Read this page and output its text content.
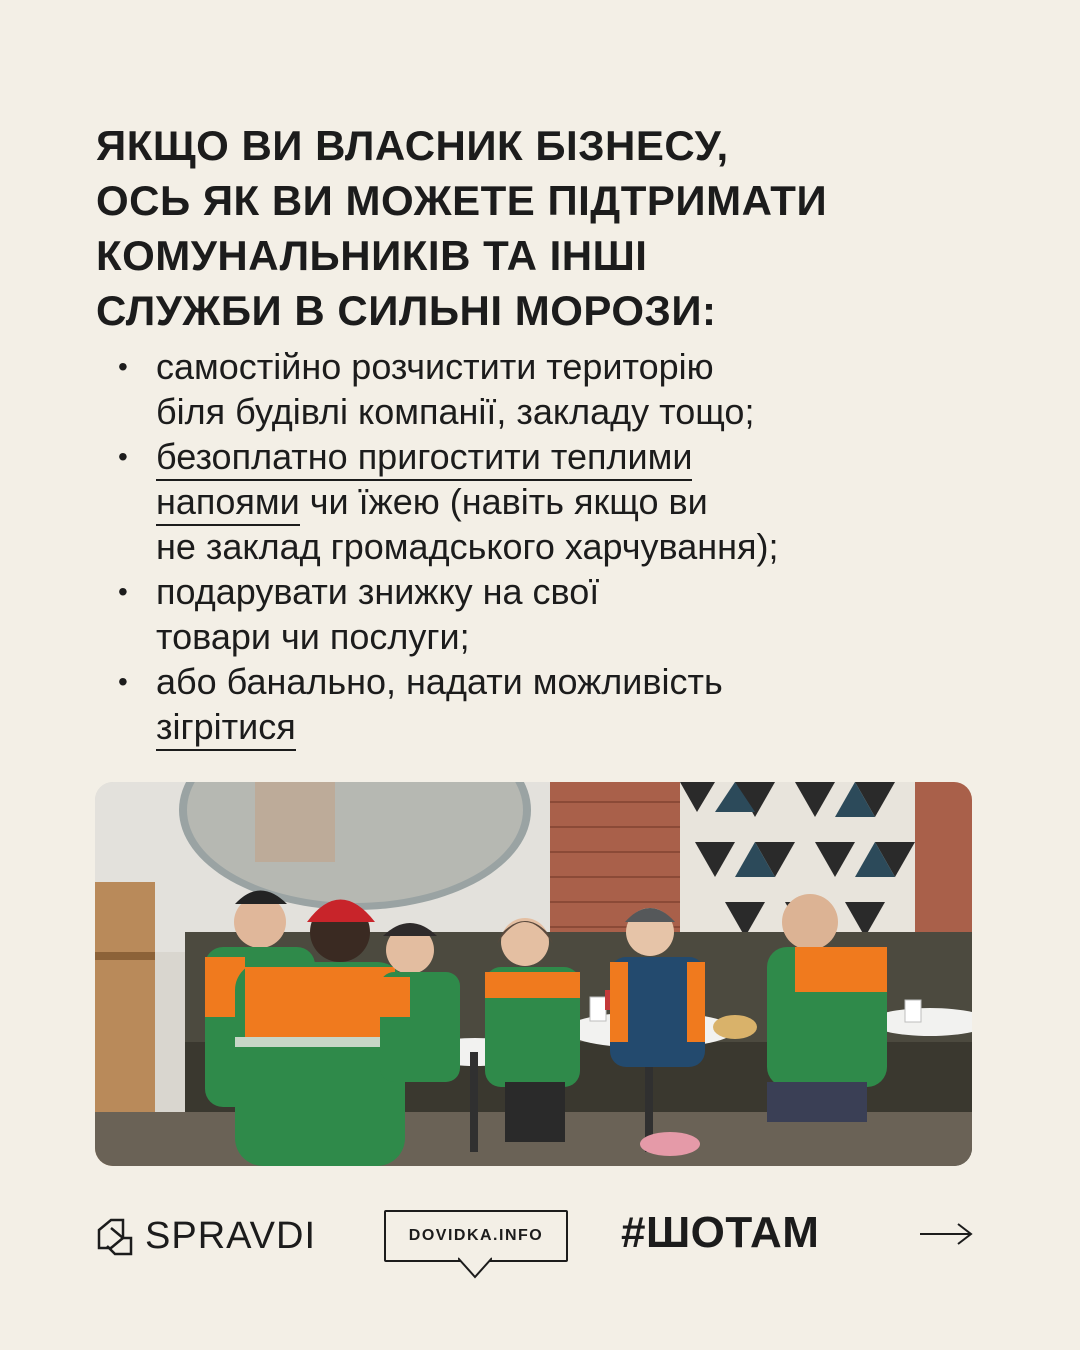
ЯКЩО ВИ ВЛАСНИК БІЗНЕСУ,
ОСЬ ЯК ВИ МОЖЕТЕ ПІДТРИМАТИ
КОМУНАЛЬНИКІВ ТА ІНШІ
СЛУЖБИ В СИЛЬНІ МОРОЗИ:
• самостійно розчистити територію
біля будівлі компанії, закладу тощо;
• безоплатно пригостити теплими
напоями чи їжею (навіть якщо ви
не заклад громадського харчування);
• подарувати знижку на свої
товари чи послуги;
• або банально, надати можливість
зігрітися
SPRAVDI	DOVIDKA.INFO	#ШОТАМ
